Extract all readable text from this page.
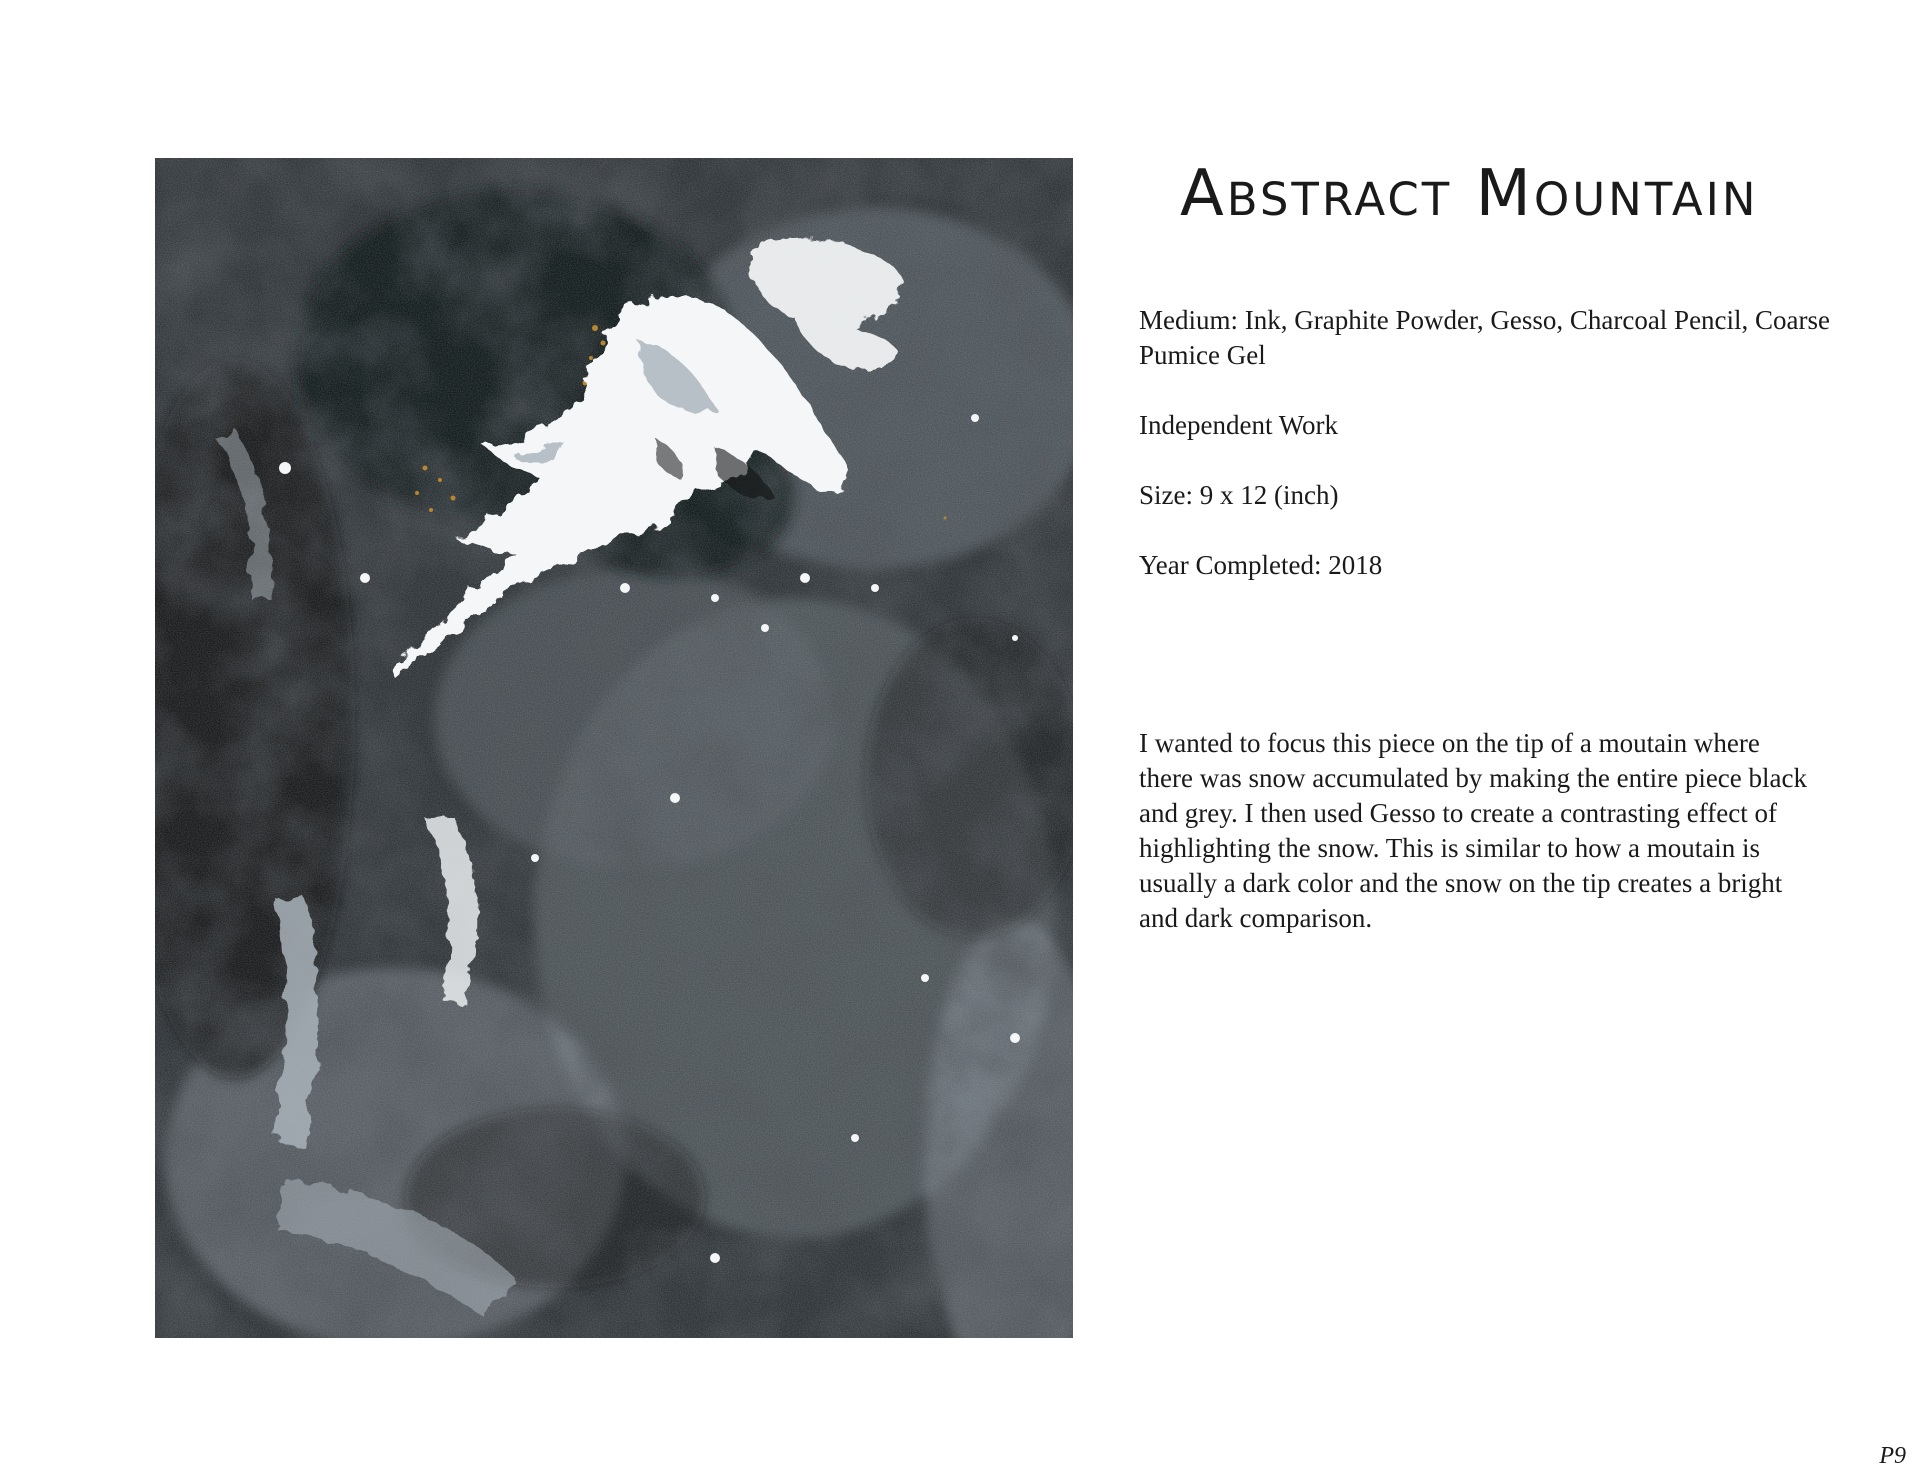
Abstract Mountain

Medium: Ink, Graphite Powder, Gesso, Charcoal Pencil, Coarse Pumice Gel

Independent Work

Size: 9 x 12 (inch)

Year Completed: 2018

I wanted to focus this piece on the tip of a moutain where there was snow accumulated by making the entire piece black and grey. I then used Gesso to create a contrasting effect of highlighting the snow. This is similar to how a moutain is usually a dark color and the snow on the tip creates a bright and dark comparison.

P9
